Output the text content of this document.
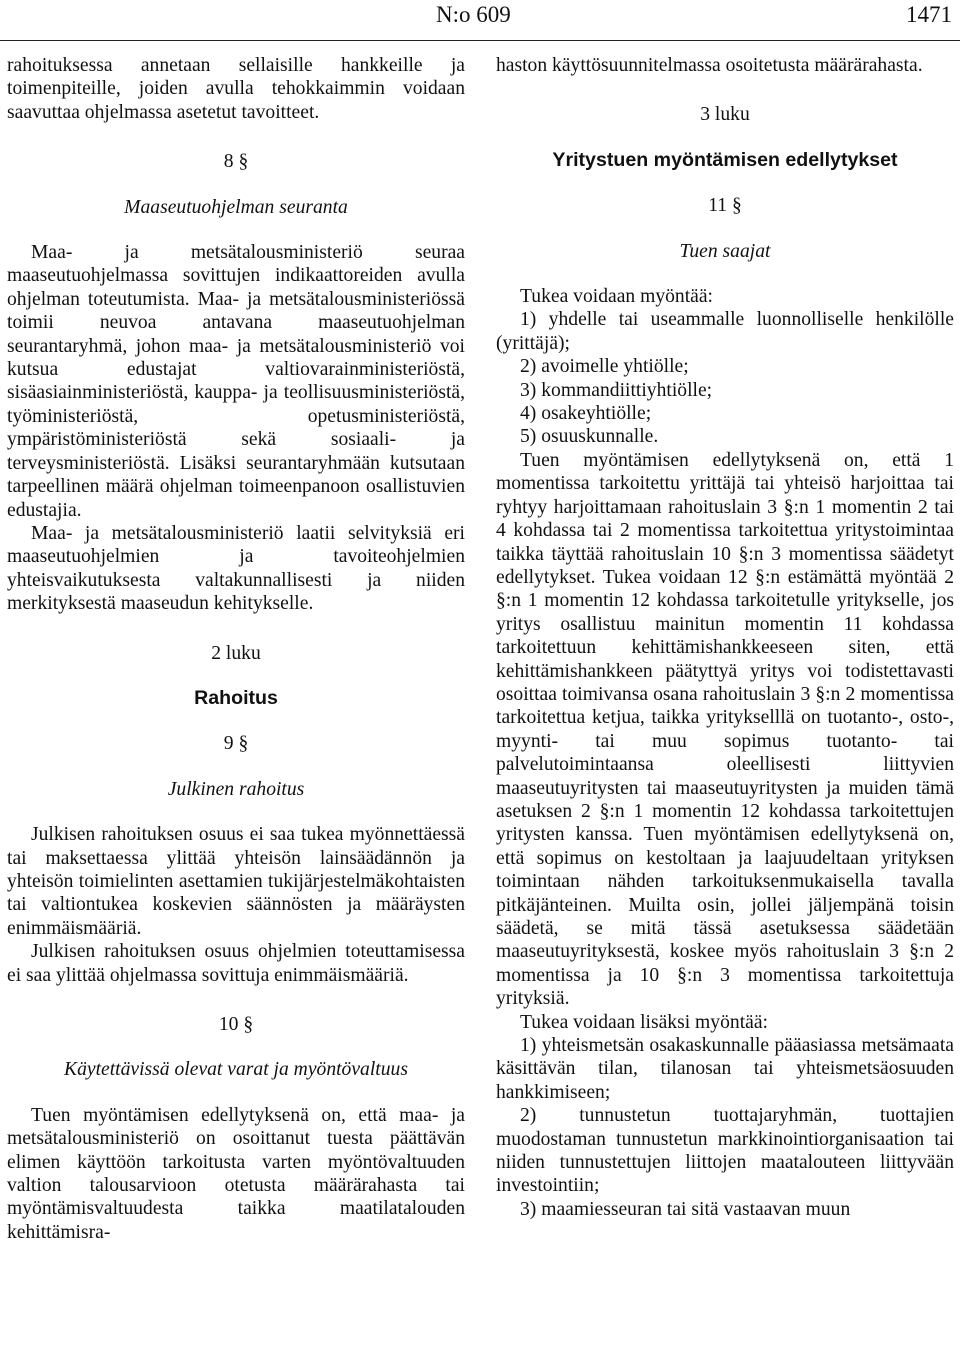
N:o 609	1471

rahoituksessa annetaan sellaisille hankkeille ja toimenpiteille, joiden avulla tehokkaimmin voidaan saavuttaa ohjelmassa asetetut tavoitteet.

8 §

Maaseutuohjelman seuranta

Maa- ja metsätalousministeriö seuraa maaseutuohjelmassa sovittujen indikaattoreiden avulla ohjelman toteutumista. Maa- ja metsätalousministeriössä toimii neuvoa antavana maaseutuohjelman seurantaryhmä, johon maa- ja metsätalousministeriö voi kutsua edustajat valtiovarainministeriöstä, sisäasiainministeriöstä, kauppa- ja teollisuusministeriöstä, työministeriöstä, opetusministeriöstä, ympäristöministeriöstä sekä sosiaali- ja terveysministeriöstä. Lisäksi seurantaryhmään kutsutaan tarpeellinen määrä ohjelman toimeenpanoon osallistuvien edustajia.

Maa- ja metsätalousministeriö laatii selvityksiä eri maaseutuohjelmien ja tavoiteohjelmien yhteisvaikutuksesta valtakunnallisesti ja niiden merkityksestä maaseudun kehitykselle.

2 luku

Rahoitus

9 §

Julkinen rahoitus

Julkisen rahoituksen osuus ei saa tukea myönnettäessä tai maksettaessa ylittää yhteisön lainsäädännön ja yhteisön toimielinten asettamien tukijärjestelmäkohtaisten tai valtiontukea koskevien säännösten ja määräysten enimmäismääriä.

Julkisen rahoituksen osuus ohjelmien toteuttamisessa ei saa ylittää ohjelmassa sovittuja enimmäismääriä.

10 §

Käytettävissä olevat varat ja myöntövaltuus

Tuen myöntämisen edellytyksenä on, että maa- ja metsätalousministeriö on osoittanut tuesta päättävän elimen käyttöön tarkoitusta varten myöntövaltuuden valtion talousarvioon otetusta määrärahasta tai myöntämisvaltuudesta taikka maatilatalouden kehittämisra-

haston käyttösuunnitelmassa osoitetusta määrärahasta.

3 luku

Yritystuen myöntämisen edellytykset

11 §

Tuen saajat

Tukea voidaan myöntää:

1) yhdelle tai useammalle luonnolliselle henkilölle (yrittäjä);

2) avoimelle yhtiölle;

3) kommandiittiyhtiölle;

4) osakeyhtiölle;

5) osuuskunnalle.

Tuen myöntämisen edellytyksenä on, että 1 momentissa tarkoitettu yrittäjä tai yhteisö harjoittaa tai ryhtyy harjoittamaan rahoituslain 3 §:n 1 momentin 2 tai 4 kohdassa tai 2 momentissa tarkoitettua yritystoimintaa taikka täyttää rahoituslain 10 §:n 3 momentissa säädetyt edellytykset. Tukea voidaan 12 §:n estämättä myöntää 2 §:n 1 momentin 12 kohdassa tarkoitetulle yritykselle, jos yritys osallistuu mainitun momentin 11 kohdassa tarkoitettuun kehittämishankkeeseen siten, että kehittämishankkeen päätyttyä yritys voi todistettavasti osoittaa toimivansa osana rahoituslain 3 §:n 2 momentissa tarkoitettua ketjua, taikka yritykselllä on tuotanto-, osto-, myynti- tai muu sopimus tuotanto- tai palvelutoimintaansa oleellisesti liittyvien maaseutuyritysten tai maaseutuyritysten ja muiden tämä asetuksen 2 §:n 1 momentin 12 kohdassa tarkoitettujen yritysten kanssa. Tuen myöntämisen edellytyksenä on, että sopimus on kestoltaan ja laajuudeltaan yrityksen toimintaan nähden tarkoituksenmukaisella tavalla pitkäjänteinen. Muilta osin, jollei jäljempänä toisin säädetä, se mitä tässä asetuksessa säädetään maaseutuyrityksestä, koskee myös rahoituslain 3 §:n 2 momentissa ja 10 §:n 3 momentissa tarkoitettuja yrityksiä.

Tukea voidaan lisäksi myöntää:

1) yhteismetsän osakaskunnalle pääasiassa metsämaata käsittävän tilan, tilanosan tai yhteismetsäosuuden hankkimiseen;

2) tunnustetun tuottajaryhmän, tuottajien muodostaman tunnustetun markkinointiorganisaation tai niiden tunnustettujen liittojen maatalouteen liittyvään investointiin;

3) maamiesseuran tai sitä vastaavan muun
